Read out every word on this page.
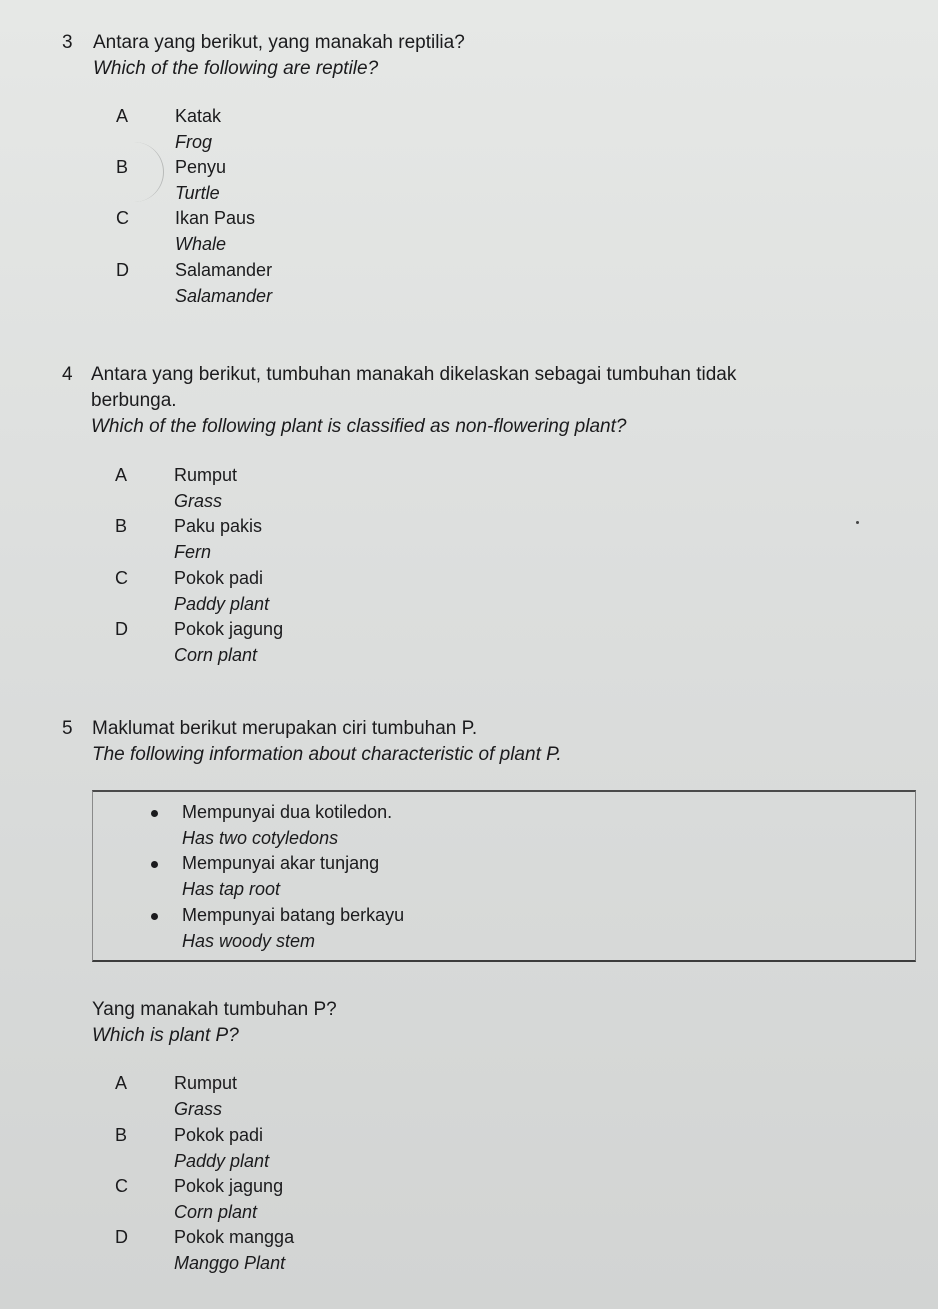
3 Antara yang berikut, yang manakah reptilia?
Which of the following are reptile?
A	Katak
Frog
B	Penyu
Turtle
C	Ikan Paus
Whale
D	Salamander
Salamander
4 Antara yang berikut, tumbuhan manakah dikelaskan sebagai tumbuhan tidak
berbunga.
Which of the following plant is classified as non-flowering plant?
A	Rumput
Grass
B	Paku pakis
Fern
C	Pokok padi
Paddy plant
D	Pokok jagung
Corn plant
5 Maklumat berikut merupakan ciri tumbuhan P.
The following information about characteristic of plant P.
Mempunyai dua kotiledon.
Has two cotyledons
Mempunyai akar tunjang
Has tap root
Mempunyai batang berkayu
Has woody stem
Yang manakah tumbuhan P?
Which is plant P?
A	Rumput
Grass
B	Pokok padi
Paddy plant
C	Pokok jagung
Corn plant
D	Pokok mangga
Manggo Plant
